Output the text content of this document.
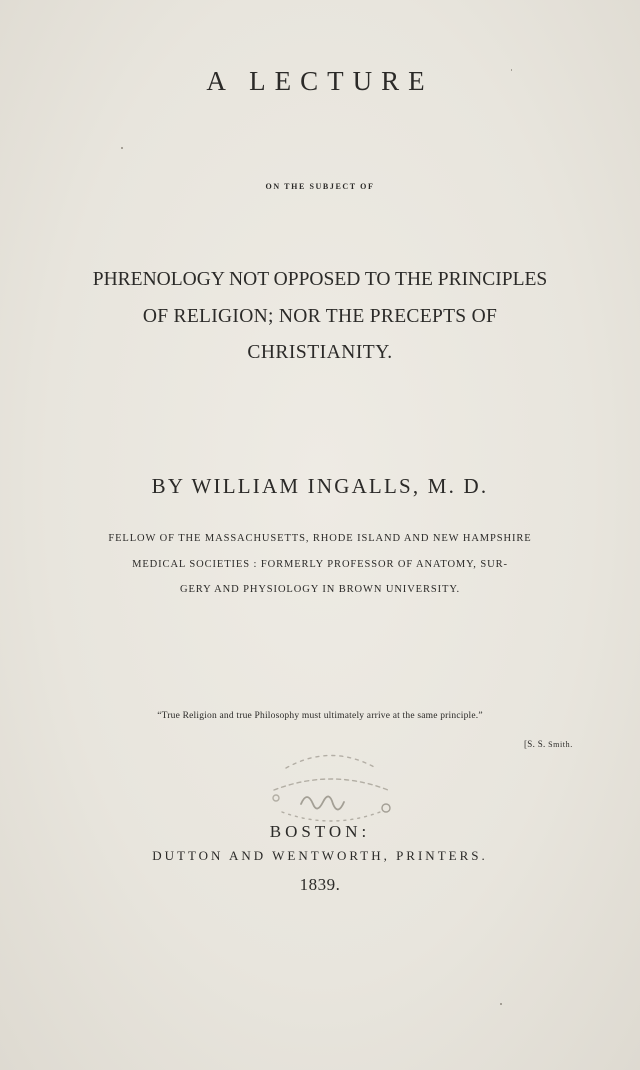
A LECTURE

ON THE SUBJECT OF

PHRENOLOGY NOT OPPOSED TO THE PRINCIPLES

OF RELIGION; NOR THE PRECEPTS OF

CHRISTIANITY.

BY WILLIAM INGALLS, M. D.

FELLOW OF THE MASSACHUSETTS, RHODE ISLAND AND NEW HAMPSHIRE

MEDICAL SOCIETIES : FORMERLY PROFESSOR OF ANATOMY, SUR-

GERY AND PHYSIOLOGY IN BROWN UNIVERSITY.

“True Religion and true Philosophy must ultimately arrive at the same principle.”

[S. S. Smith.

BOSTON:

DUTTON AND WENTWORTH, PRINTERS.

1839.
